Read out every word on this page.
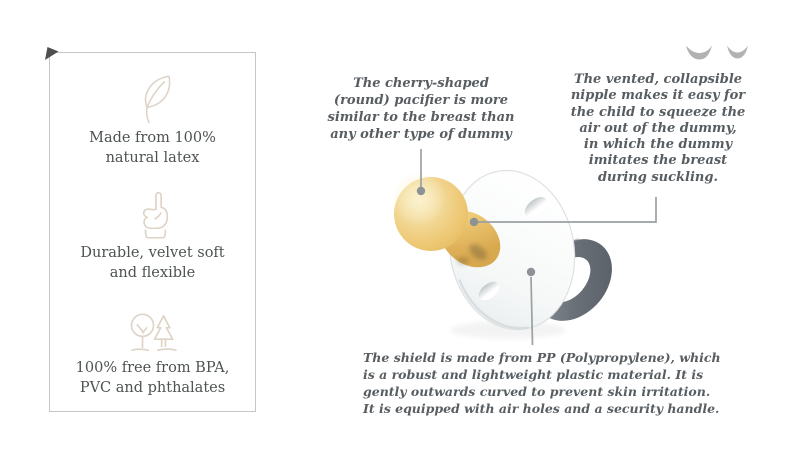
Made from 100%
natural latex
Durable, velvet soft
and flexible
100% free from BPA,
PVC and phthalates
The cherry-shaped
(round) pacifier is more
similar to the breast than
any other type of dummy
The vented, collapsible
nipple makes it easy for
the child to squeeze the
air out of the dummy,
in which the dummy
imitates the breast
during suckling.
The shield is made from PP (Polypropylene), which
is a robust and lightweight plastic material. It is
gently outwards curved to prevent skin irritation.
It is equipped with air holes and a security handle.
